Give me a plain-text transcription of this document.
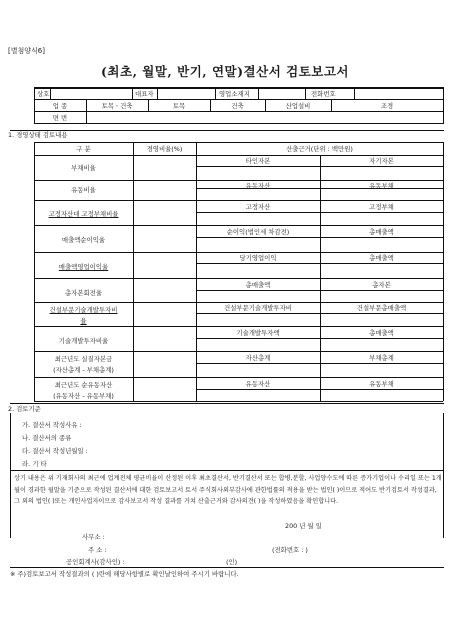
[별첨양식6]
(최초, 월말, 반기, 연말)결산서 검토보고서
상호	대표자	영업소재지	전화번호
업 종	토목ㆍ건축	토목	건축	산업설비	조경
면 번
1. 경영상태 검토내용
구 분	경영비율(%)	산출근거(단위 : 백만원)
부채비율
타인자본	자기자본
유동비율	유동자산	유동부채
고정자산대 고정부채비율
고정자산	고정부채
매출액순이익율
순이익(법인세 차감전)	총매출액
매출액영업이익율
당기영업이익	총매출액
총자본회전율
총매출액	총자본
건설부문기술개발투자비
율
건설부문기술개발투자비	건설부문총매출액
기술개발투자비율
기술개발투자액	총매출액
최근년도 실질자본금
(자산총계 - 부채총계)
자산총계	부채총계
최근년도 순유동자산
(유동자산 - 유동부채)
유동자산	유동부채
2. 검토기준
가. 결산서 작성사유 :
나. 결산서의 종류
다. 결산서 작성년월일 :
라. 기 타
상기 내용은 위 기재회사의 최근에 업계전체 평균비율이 산정된 이후 최초결산서, 반기결산서 또는 합병,분할, 사업양수도에 따른 증가기업이나 수리일 또는 1개월이 경과한 월말을 기준으로 작성된 결산서에 대한 검토보고서 토서 주식회사외부감사에 관한법률의 적용을 받는 법인( )이므로 적어도 반기검토서 작성결과, 그 외의 법인( )또는 개인사업자이므로 감사보고서 작성 결과를 거쳐 산출근거와 감사의견( )을 작성하였음을 확인합니다.
200 년 월 일
사무소 :
주 소 :	(전화번호 : )
공인회계사(감사인) :	(인)
※ 주)검토보고서 작성결과의 ( )란에 해당사항별로 확인날인하여 주시기 바랍니다.
